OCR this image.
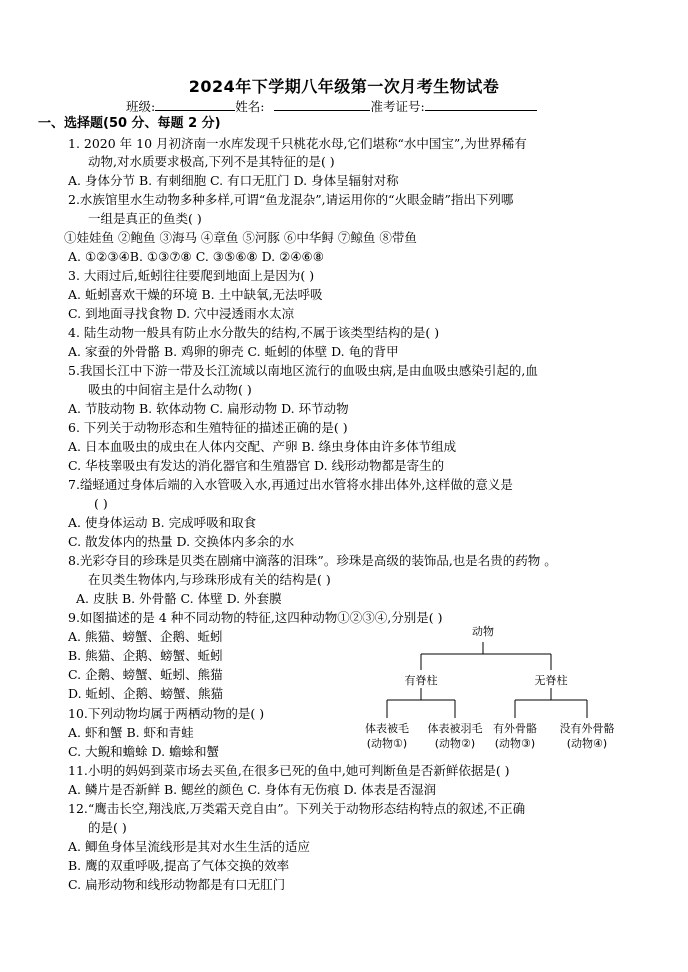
2024年下学期八年级第一次月考生物试卷
班级:	姓名:	准考证号:
一、选择题(50 分、每题 2 分)
1. 2020 年 10 月初济南一水库发现千只桃花水母,它们堪称“水中国宝”,为世界稀有
动物,对水质要求极高,下列不是其特征的是( )
A. 身体分节 B. 有刺细胞 C. 有口无肛门 D. 身体呈辐射对称
2.水族馆里水生动物多种多样,可谓“鱼龙混杂”,请运用你的“火眼金睛”指出下列哪
一组是真正的鱼类( )
①娃娃鱼 ②鲍鱼 ③海马 ④章鱼 ⑤河豚 ⑥中华鲟 ⑦鲸鱼 ⑧带鱼
A. ①②③④B. ①③⑦⑧ C. ③⑤⑥⑧ D. ②④⑥⑧
3. 大雨过后,蚯蚓往往要爬到地面上是因为( )
A. 蚯蚓喜欢干燥的环境 B. 土中缺氧,无法呼吸
C. 到地面寻找食物 D. 穴中浸透雨水太凉
4. 陆生动物一般具有防止水分散失的结构,不属于该类型结构的是( )
A. 家蚕的外骨骼 B. 鸡卵的卵壳 C. 蚯蚓的体壁 D. 龟的背甲
5.我国长江中下游一带及长江流域以南地区流行的血吸虫病,是由血吸虫感染引起的,血
吸虫的中间宿主是什么动物( )
A. 节肢动物 B. 软体动物 C. 扁形动物 D. 环节动物
6. 下列关于动物形态和生殖特征的描述正确的是( )
A. 日本血吸虫的成虫在人体内交配、产卵 B. 绦虫身体由许多体节组成
C. 华枝睾吸虫有发达的消化器官和生殖器官 D. 线形动物都是寄生的
7.缢蛏通过身体后端的入水管吸入水,再通过出水管将水排出体外,这样做的意义是
( )
A. 使身体运动 B. 完成呼吸和取食
C. 散发体内的热量 D. 交换体内多余的水
8.光彩夺目的珍珠是贝类在剧痛中滴落的泪珠”。珍珠是高级的装饰品,也是名贵的药物 。
在贝类生物体内,与珍珠形成有关的结构是( )
A. 皮肤 B. 外骨骼 C. 体壁 D. 外套膜
9.如图描述的是 4 种不同动物的特征,这四种动物①②③④,分别是( )
A. 熊猫、螃蟹、企鹅、蚯蚓
B. 熊猫、企鹅、螃蟹、蚯蚓
C. 企鹅、螃蟹、蚯蚓、熊猫
D. 蚯蚓、企鹅、螃蟹、熊猫
10.下列动物均属于两栖动物的是( )
A. 虾和蟹 B. 虾和青蛙
C. 大鲵和蟾蜍 D. 蟾蜍和蟹
11.小明的妈妈到菜市场去买鱼,在很多已死的鱼中,她可判断鱼是否新鲜依据是( )
A. 鳞片是否新鲜 B. 鳃丝的颜色 C. 身体有无伤痕 D. 体表是否湿润
12.“鹰击长空,翔浅底,万类霜天竞自由”。下列关于动物形态结构特点的叙述,不正确
的是( )
A. 鲫鱼身体呈流线形是其对水生生活的适应
B. 鹰的双重呼吸,提高了气体交换的效率
C. 扁形动物和线形动物都是有口无肛门
动物
有脊柱	无脊柱
体表被毛
(动物①)
体表被羽毛
(动物②)
有外骨骼
(动物③)
没有外骨骼
(动物④)
